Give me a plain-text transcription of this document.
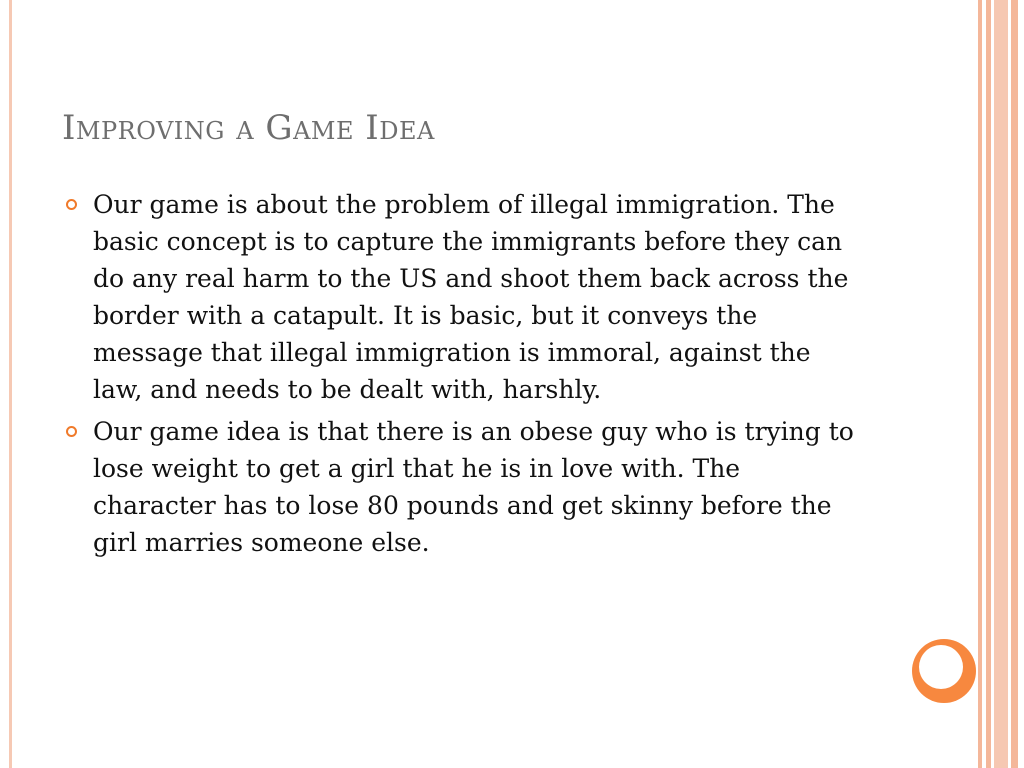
Improving a Game Idea
Our game is about the problem of illegal immigration. The basic concept is to capture the immigrants before they can do any real harm to the US and shoot them back across the border with a catapult. It is basic, but it conveys the message that illegal immigration is immoral, against the law, and needs to be dealt with, harshly.
Our game idea is that there is an obese guy who is trying to lose weight to get a girl that he is in love with. The character has to lose 80 pounds and get skinny before the girl marries someone else.
